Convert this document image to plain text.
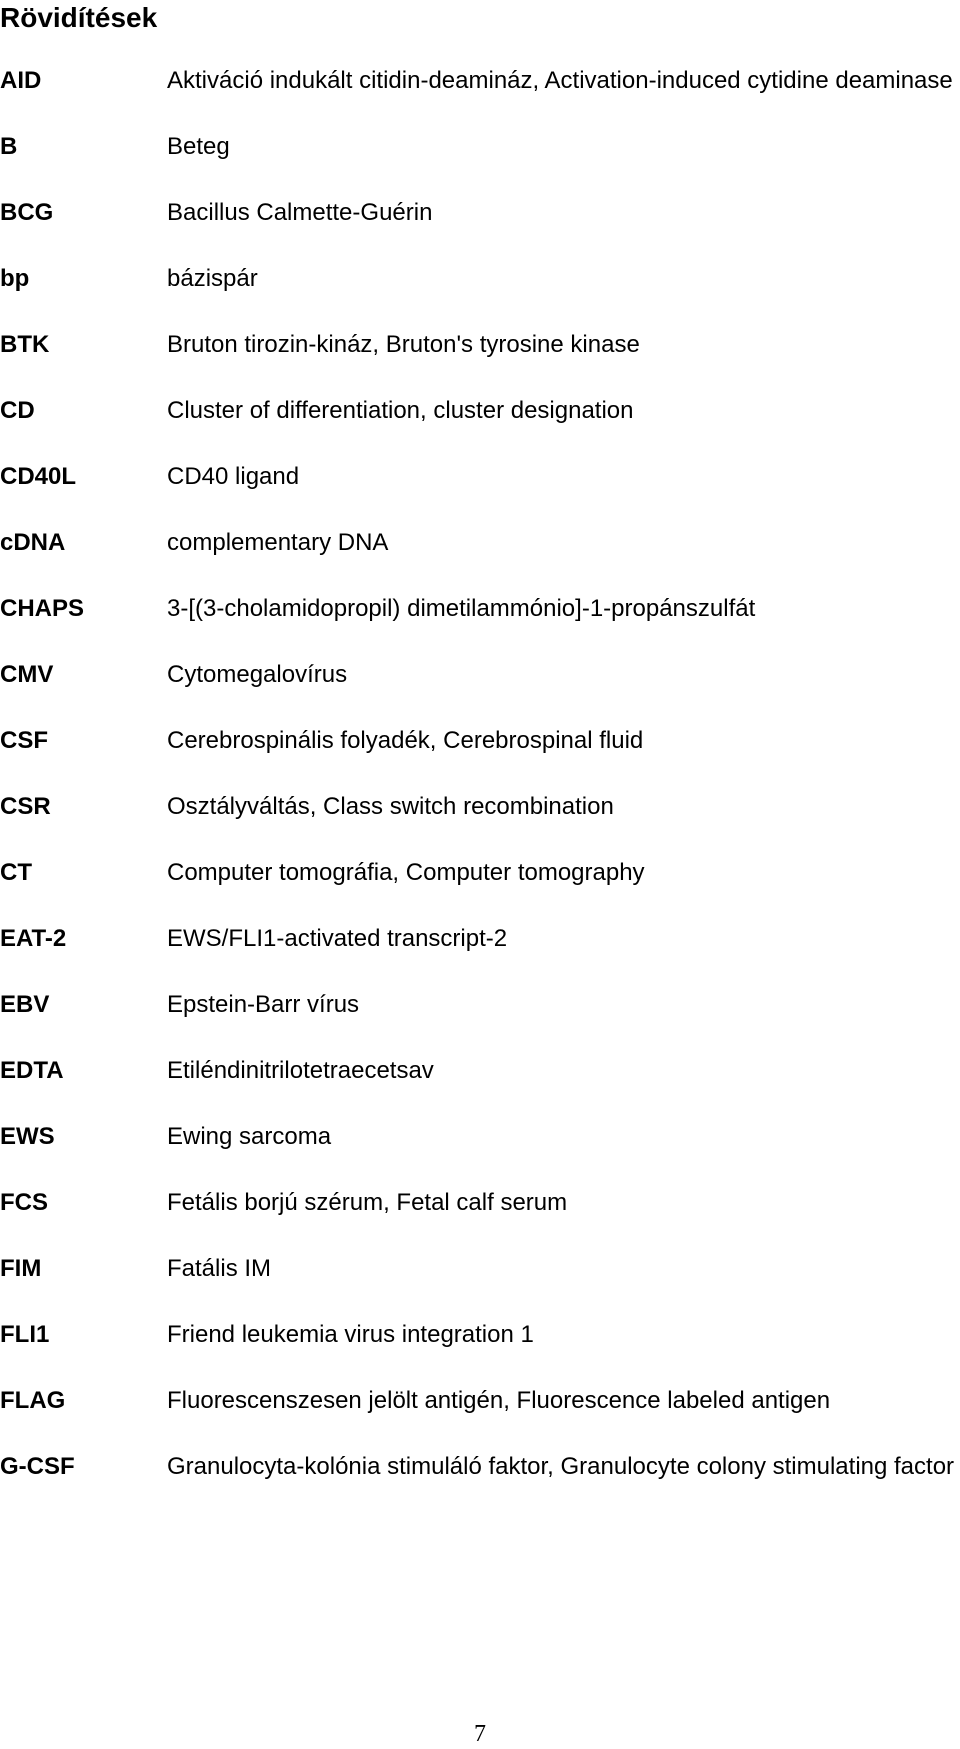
Rövidítések
AID	Aktiváció indukált citidin-deamináz, Activation-induced cytidine deaminase
B	Beteg
BCG	Bacillus Calmette-Guérin
bp	bázispár
BTK	Bruton tirozin-kináz, Bruton's tyrosine kinase
CD	Cluster of differentiation, cluster designation
CD40L	CD40 ligand
cDNA	complementary DNA
CHAPS	3-[(3-cholamidopropil) dimetilammónio]-1-propánszulfát
CMV	Cytomegalovírus
CSF	Cerebrospinális folyadék, Cerebrospinal fluid
CSR	Osztályváltás, Class switch recombination
CT	Computer tomográfia, Computer tomography
EAT-2	EWS/FLI1-activated transcript-2
EBV	Epstein-Barr vírus
EDTA	Etiléndinitrilotetraecetsav
EWS	Ewing sarcoma
FCS	Fetális borjú szérum, Fetal calf serum
FIM	Fatális IM
FLI1	Friend leukemia virus integration 1
FLAG	Fluorescenszesen jelölt antigén, Fluorescence labeled antigen
G-CSF	Granulocyta-kolónia stimuláló faktor, Granulocyte colony stimulating factor
7
